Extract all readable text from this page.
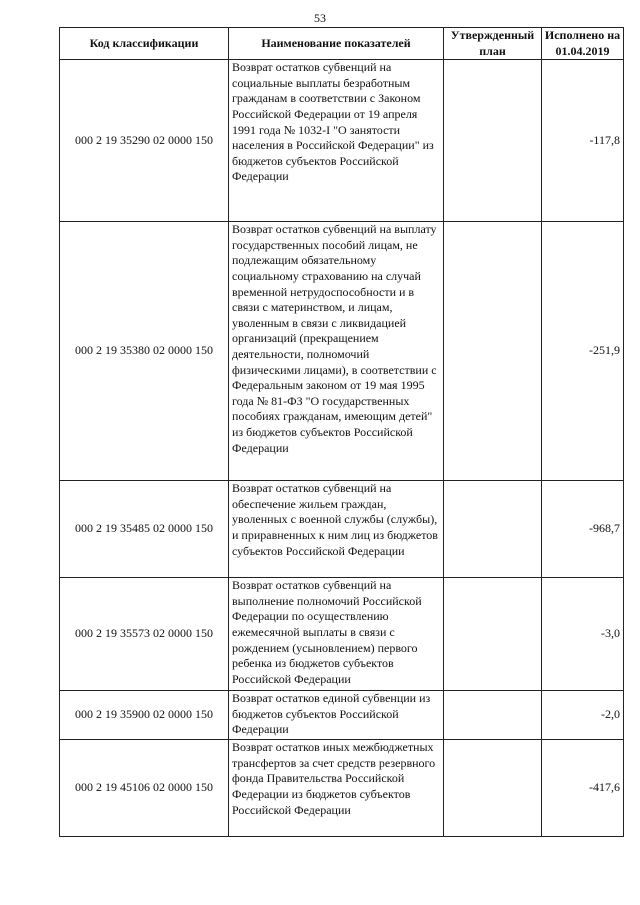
53
Код классификации	Наименование показателей	Утвержденный план	Исполнено на 01.04.2019
000 2 19 35290 02 0000 150	Возврат остатков субвенций на социальные выплаты безработным гражданам в соответствии с Законом Российской Федерации от 19 апреля 1991 года № 1032-I "О занятости населения в Российской Федерации" из бюджетов субъектов Российской Федерации		-117,8
000 2 19 35380 02 0000 150	Возврат остатков субвенций на выплату государственных пособий лицам, не подлежащим обязательному социальному страхованию на случай временной нетрудоспособности и в связи с материнством, и лицам, уволенным в связи с ликвидацией организаций (прекращением деятельности, полномочий физическими лицами), в соответствии с Федеральным законом от 19 мая 1995 года № 81-ФЗ "О государственных пособиях гражданам, имеющим детей" из бюджетов субъектов Российской Федерации		-251,9
000 2 19 35485 02 0000 150	Возврат остатков субвенций на обеспечение жильем граждан, уволенных с военной службы (службы), и приравненных к ним лиц из бюджетов субъектов Российской Федерации		-968,7
000 2 19 35573 02 0000 150	Возврат остатков субвенций на выполнение полномочий Российской Федерации по осуществлению ежемесячной выплаты в связи с рождением (усыновлением) первого ребенка из бюджетов субъектов Российской Федерации		-3,0
000 2 19 35900 02 0000 150	Возврат остатков единой субвенции из бюджетов субъектов Российской Федерации		-2,0
000 2 19 45106 02 0000 150	Возврат остатков иных межбюджетных трансфертов за счет средств резервного фонда Правительства Российской Федерации из бюджетов субъектов Российской Федерации		-417,6
